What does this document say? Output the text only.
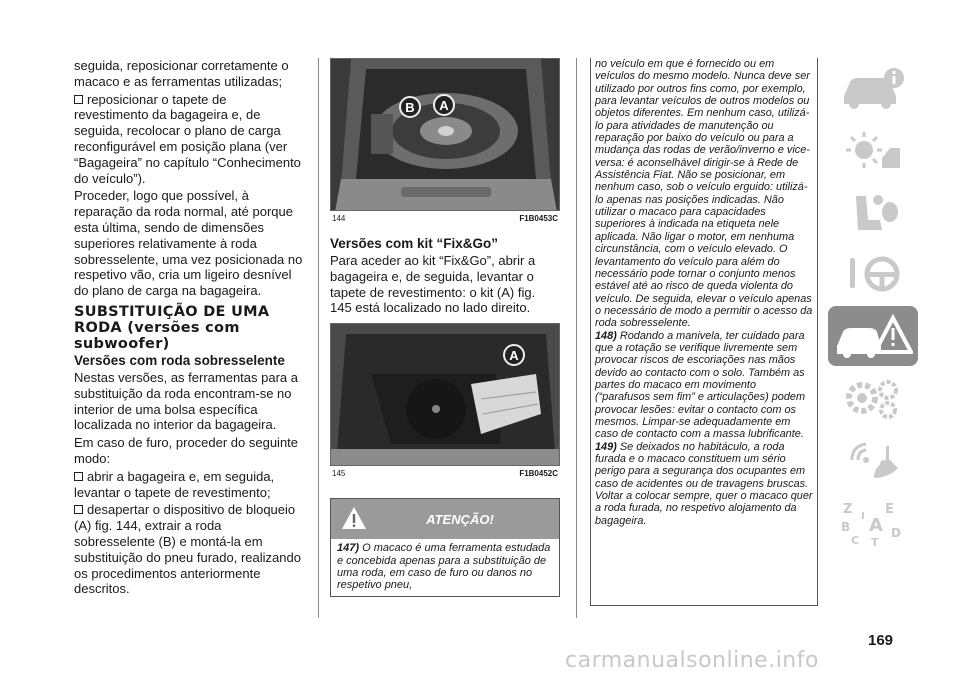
seguida, reposicionar corretamente o macaco e as ferramentas utilizadas;
reposicionar o tapete de revestimento da bagageira e, de seguida, recolocar o plano de carga reconfigurável em posição plana (ver “Bagageira” no capítulo “Conhecimento do veículo”).
Proceder, logo que possível, à reparação da roda normal, até porque esta última, sendo de dimensões superiores relativamente à roda sobresselente, uma vez posicionada no respetivo vão, cria um ligeiro desnível do plano de carga na bagageira.
SUBSTITUIÇÃO DE UMA RODA (versões com subwoofer)
Versões com roda sobresselente
Nestas versões, as ferramentas para a substituição da roda encontram-se no interior de uma bolsa específica localizada no interior da bagageira.
Em caso de furo, proceder do seguinte modo:
abrir a bagageira e, em seguida, levantar o tapete de revestimento;
desapertar o dispositivo de bloqueio (A) fig. 144, extrair a roda sobresselente (B) e montá-la em substituição do pneu furado, realizando os procedimentos anteriormente descritos.
B A
144	F1B0453C
Versões com kit “Fix&Go”
Para aceder ao kit “Fix&Go”, abrir a bagageira e, de seguida, levantar o tapete de revestimento: o kit (A) fig. 145 está localizado no lado direito.
A
145	F1B0452C
ATENÇÃO!
147) O macaco é uma ferramenta estudada e concebida apenas para a substituição de uma roda, em caso de furo ou danos no respetivo pneu,
no veículo em que é fornecido ou em veículos do mesmo modelo. Nunca deve ser utilizado por outros fins como, por exemplo, para levantar veículos de outros modelos ou objetos diferentes. Em nenhum caso, utilizá-lo para atividades de manutenção ou reparação por baixo do veículo ou para a mudança das rodas de verão/inverno e vice-versa: é aconselhável dirigir-se à Rede de Assistência Fiat. Não se posicionar, em nenhum caso, sob o veículo erguido: utilizá-lo apenas nas posições indicadas. Não utilizar o macaco para capacidades superiores à indicada na etiqueta nele aplicada. Não ligar o motor, em nenhuma circunstância, com o veículo elevado. O levantamento do veículo para além do necessário pode tornar o conjunto menos estável até ao risco de queda violenta do veículo. De seguida, elevar o veículo apenas o necessário de modo a permitir o acesso da roda sobresselente.
148) Rodando a manivela, ter cuidado para que a rotação se verifique livremente sem provocar riscos de escoriações nas mãos devido ao contacto com o solo. Também as partes do macaco em movimento (“parafusos sem fim” e articulações) podem provocar lesões: evitar o contacto com os mesmos. Limpar-se adequadamente em caso de contacto com a massa lubrificante.
149) Se deixados no habitáculo, a roda furada e o macaco constituem um sério perigo para a segurança dos ocupantes em caso de acidentes ou de travagens bruscas. Voltar a colocar sempre, quer o macaco quer a roda furada, no respetivo alojamento da bagageira.
Z	E
B A
C
D
T
I
169
carmanualsonline.info
